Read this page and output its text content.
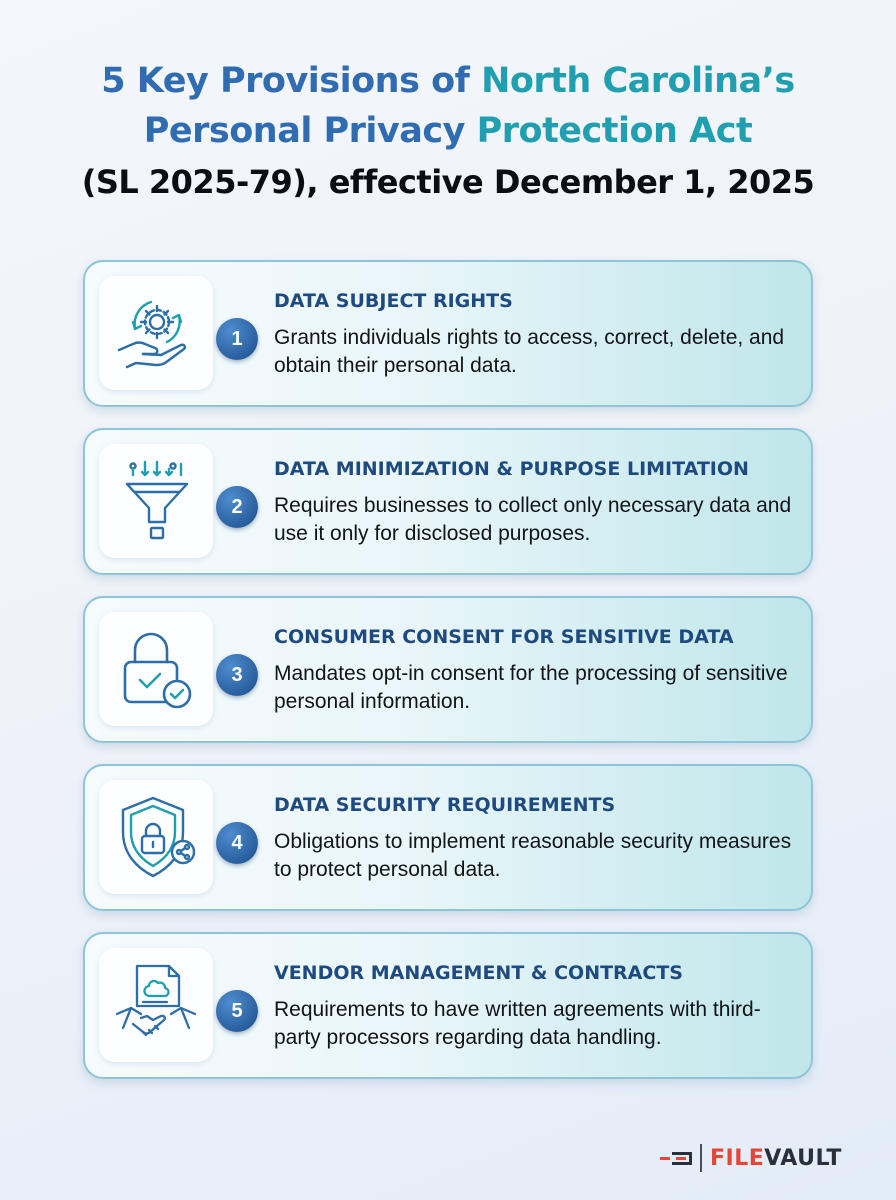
5 Key Provisions of North Carolina’s
Personal Privacy Protection Act
(SL 2025-79), effective December 1, 2025
1
DATA SUBJECT RIGHTS
Grants individuals rights to access, correct, delete, and obtain their personal data.
2
DATA MINIMIZATION & PURPOSE LIMITATION
Requires businesses to collect only necessary data and use it only for disclosed purposes.
3
CONSUMER CONSENT FOR SENSITIVE DATA
Mandates opt-in consent for the processing of sensitive personal information.
4
DATA SECURITY REQUIREMENTS
Obligations to implement reasonable security measures to protect personal data.
5
VENDOR MANAGEMENT & CONTRACTS
Requirements to have written agreements with third-party processors regarding data handling.
FILEVAULT
